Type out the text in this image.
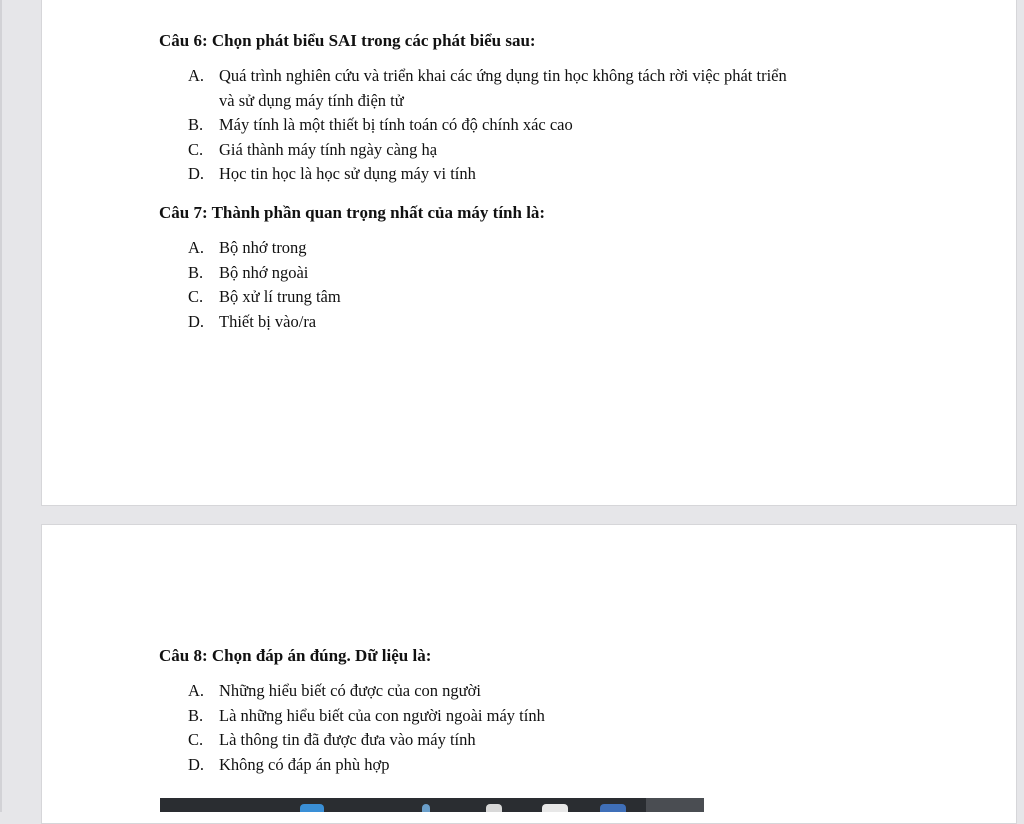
Câu 6: Chọn phát biểu SAI trong các phát biểu sau:
A. Quá trình nghiên cứu và triển khai các ứng dụng tin học không tách rời việc phát triển
và sử dụng máy tính điện tử
B. Máy tính là một thiết bị tính toán có độ chính xác cao
C. Giá thành máy tính ngày càng hạ
D. Học tin học là học sử dụng máy vi tính
Câu 7: Thành phần quan trọng nhất của máy tính là:
A. Bộ nhớ trong
B. Bộ nhớ ngoài
C. Bộ xử lí trung tâm
D. Thiết bị vào/ra
Câu 8: Chọn đáp án đúng. Dữ liệu là:
A. Những hiểu biết có được của con người
B. Là những hiểu biết của con người ngoài máy tính
C. Là thông tin đã được đưa vào máy tính
D. Không có đáp án phù hợp
